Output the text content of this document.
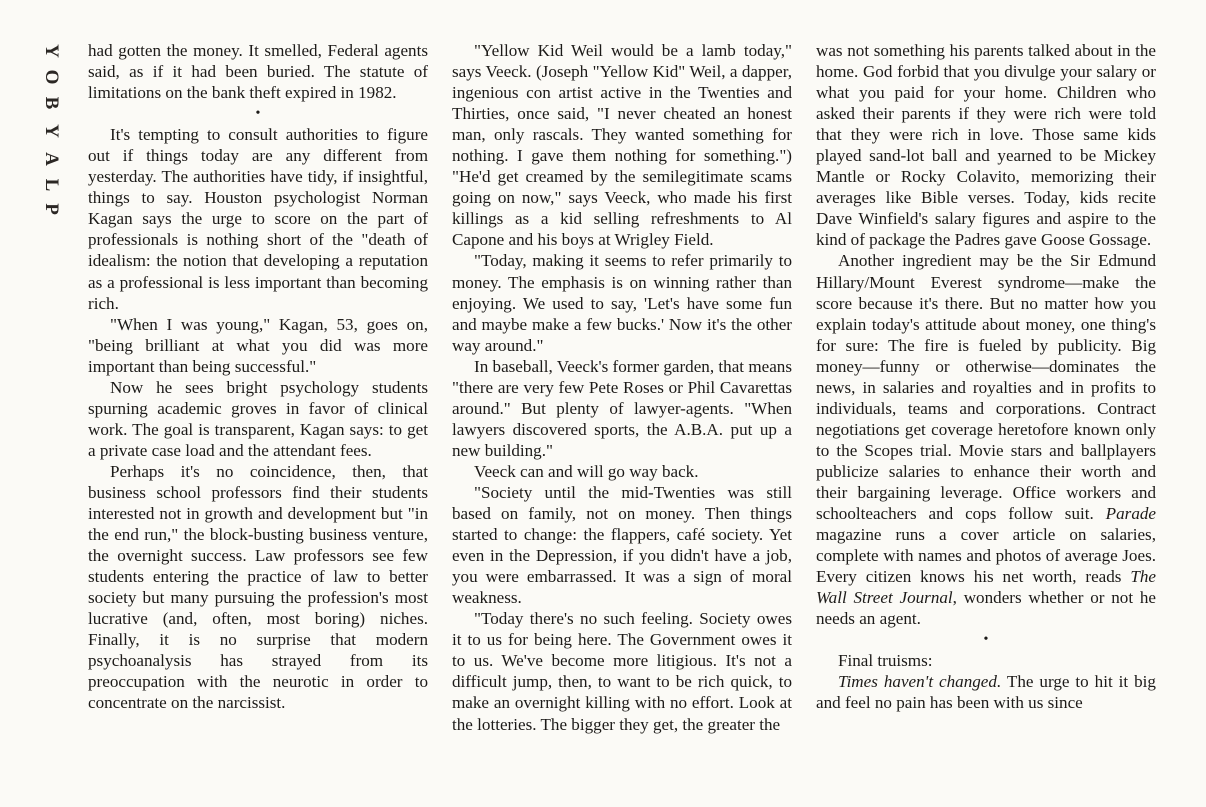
Y
O
B
Y
A
L
P

had gotten the money. It smelled, Federal agents said, as if it had been buried. The statute of limitations on the bank theft expired in 1982.

•

It's tempting to consult authorities to figure out if things today are any different from yesterday. The authorities have tidy, if insightful, things to say. Houston psychologist Norman Kagan says the urge to score on the part of professionals is nothing short of the "death of idealism: the notion that developing a reputation as a professional is less important than becoming rich.

"When I was young," Kagan, 53, goes on, "being brilliant at what you did was more important than being successful."

Now he sees bright psychology students spurning academic groves in favor of clinical work. The goal is transparent, Kagan says: to get a private case load and the attendant fees.

Perhaps it's no coincidence, then, that business school professors find their students interested not in growth and development but "in the end run," the block-busting business venture, the overnight success. Law professors see few students entering the practice of law to better society but many pursuing the profession's most lucrative (and, often, most boring) niches. Finally, it is no surprise that modern psychoanalysis has strayed from its preoccupation with the neurotic in order to concentrate on the narcissist.

"Yellow Kid Weil would be a lamb today," says Veeck. (Joseph "Yellow Kid" Weil, a dapper, ingenious con artist active in the Twenties and Thirties, once said, "I never cheated an honest man, only rascals. They wanted something for nothing. I gave them nothing for something.") "He'd get creamed by the semilegitimate scams going on now," says Veeck, who made his first killings as a kid selling refreshments to Al Capone and his boys at Wrigley Field.

"Today, making it seems to refer primarily to money. The emphasis is on winning rather than enjoying. We used to say, 'Let's have some fun and maybe make a few bucks.' Now it's the other way around."

In baseball, Veeck's former garden, that means "there are very few Pete Roses or Phil Cavarettas around." But plenty of lawyer-agents. "When lawyers discovered sports, the A.B.A. put up a new building."

Veeck can and will go way back.

"Society until the mid-Twenties was still based on family, not on money. Then things started to change: the flappers, café society. Yet even in the Depression, if you didn't have a job, you were embarrassed. It was a sign of moral weakness.

"Today there's no such feeling. Society owes it to us for being here. The Government owes it to us. We've become more litigious. It's not a difficult jump, then, to want to be rich quick, to make an overnight killing with no effort. Look at the lotteries. The bigger they get, the greater the

was not something his parents talked about in the home. God forbid that you divulge your salary or what you paid for your home. Children who asked their parents if they were rich were told that they were rich in love. Those same kids played sand-lot ball and yearned to be Mickey Mantle or Rocky Colavito, memorizing their averages like Bible verses. Today, kids recite Dave Winfield's salary figures and aspire to the kind of package the Padres gave Goose Gossage.

Another ingredient may be the Sir Edmund Hillary/Mount Everest syndrome—make the score because it's there. But no matter how you explain today's attitude about money, one thing's for sure: The fire is fueled by publicity. Big money—funny or otherwise—dominates the news, in salaries and royalties and in profits to individuals, teams and corporations. Contract negotiations get coverage heretofore known only to the Scopes trial. Movie stars and ballplayers publicize salaries to enhance their worth and their bargaining leverage. Office workers and schoolteachers and cops follow suit. Parade magazine runs a cover article on salaries, complete with names and photos of average Joes. Every citizen knows his net worth, reads The Wall Street Journal, wonders whether or not he needs an agent.

•

Final truisms:

Times haven't changed. The urge to hit it big and feel no pain has been with us since
